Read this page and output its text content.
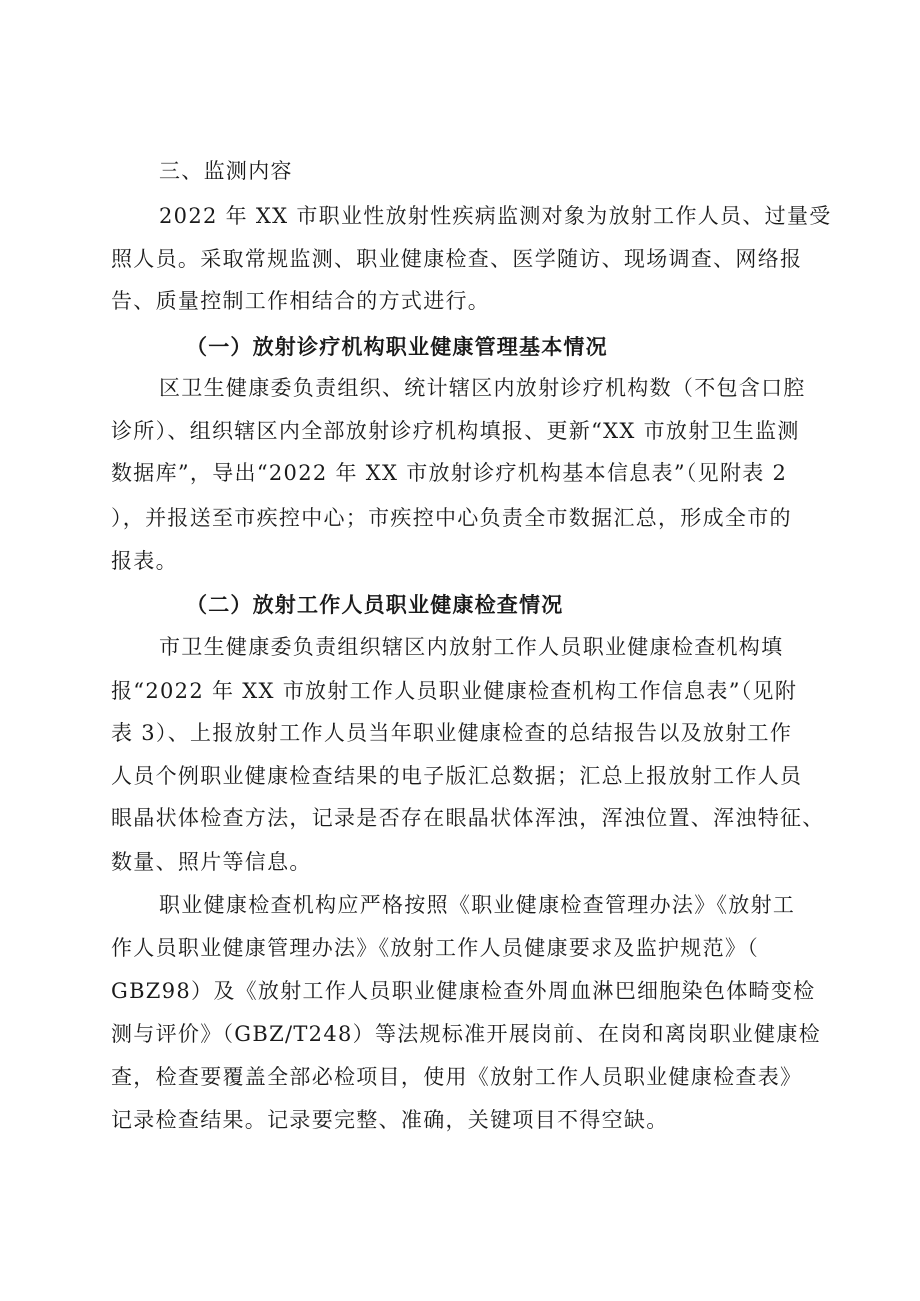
三、监测内容
2022 年 XX 市职业性放射性疾病监测对象为放射工作人员、过量受
照人员。采取常规监测、职业健康检查、医学随访、现场调查、网络报
告、质量控制工作相结合的方式进行。
（一）放射诊疗机构职业健康管理基本情况
区卫生健康委负责组织、统计辖区内放射诊疗机构数（不包含口腔
诊所）、组织辖区内全部放射诊疗机构填报、更新“XX 市放射卫生监测
数据库”，导出“2022 年 XX 市放射诊疗机构基本信息表”（见附表 2
），并报送至市疾控中心；市疾控中心负责全市数据汇总，形成全市的
报表。
（二）放射工作人员职业健康检查情况
市卫生健康委负责组织辖区内放射工作人员职业健康检查机构填
报“2022 年 XX 市放射工作人员职业健康检查机构工作信息表”（见附
表 3）、上报放射工作人员当年职业健康检查的总结报告以及放射工作
人员个例职业健康检查结果的电子版汇总数据；汇总上报放射工作人员
眼晶状体检查方法，记录是否存在眼晶状体浑浊，浑浊位置、浑浊特征、
数量、照片等信息。
职业健康检查机构应严格按照《职业健康检查管理办法》《放射工
作人员职业健康管理办法》《放射工作人员健康要求及监护规范》（
GBZ98）及《放射工作人员职业健康检查外周血淋巴细胞染色体畸变检
测与评价》（GBZ/T248）等法规标准开展岗前、在岗和离岗职业健康检
查，检查要覆盖全部必检项目，使用《放射工作人员职业健康检查表》
记录检查结果。记录要完整、准确，关键项目不得空缺。
